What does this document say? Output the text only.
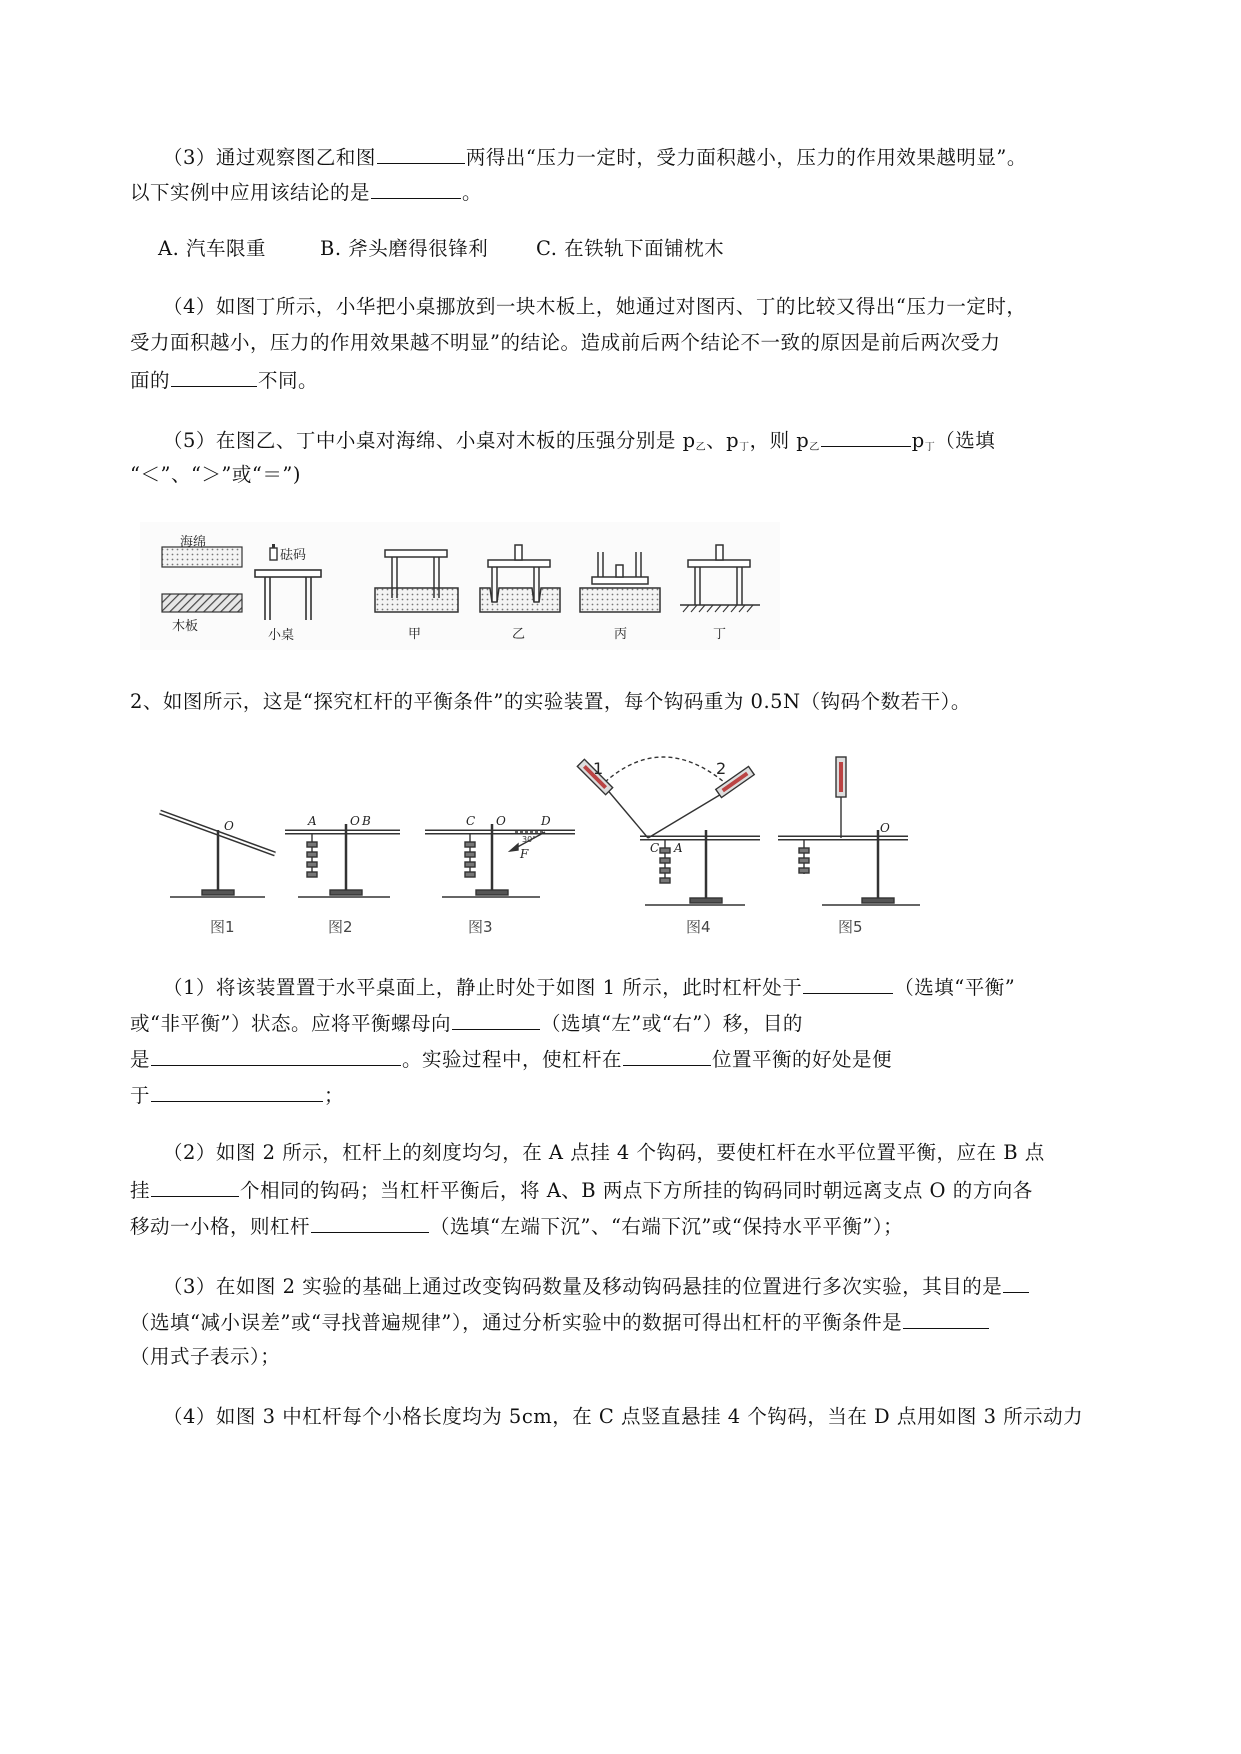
（3）通过观察图乙和图	两得出“压力一定时，受力面积越小，压力的作用效果越明显”。
以下实例中应用该结论的是	。
A. 汽车限重	B. 斧头磨得很锋利 C. 在铁轨下面铺枕木
（4）如图丁所示，小华把小桌挪放到一块木板上，她通过对图丙、丁的比较又得出“压力一定时，
受力面积越小，压力的作用效果越不明显”的结论。造成前后两个结论不一致的原因是前后两次受力
面的	不同。
（5）在图乙、丁中小桌对海绵、小桌对木板的压强分别是 $p_乙$、$p_丁$，则 $p_乙$	$p_丁$（选填
“＜”、“＞”或“＝”)
海绵
木板
砝码
小桌	甲	乙	丙	丁
2、如图所示，这是“探究杠杆的平衡条件”的实验装置，每个钩码重为 0.5N（钩码个数若干）。
O	A	O B	C O	D
F
30°
C A
1	2
O
图1	图2	图3	图4	图5
（1）将该装置置于水平桌面上，静止时处于如图 1 所示，此时杠杆处于	（选填“平衡”
或“非平衡”）状态。应将平衡螺母向	（选填“左”或“右”）移，目的
是	。实验过程中，使杠杆在	位置平衡的好处是便
于	；
（2）如图 2 所示，杠杆上的刻度均匀，在 A 点挂 4 个钩码，要使杠杆在水平位置平衡，应在 B 点
挂	个相同的钩码；当杠杆平衡后，将 A、B 两点下方所挂的钩码同时朝远离支点 O 的方向各
移动一小格，则杠杆	（选填“左端下沉”、“右端下沉”或“保持水平平衡”）；
（3）在如图 2 实验的基础上通过改变钩码数量及移动钩码悬挂的位置进行多次实验，其目的是
（选填“减小误差”或“寻找普遍规律”），通过分析实验中的数据可得出杠杆的平衡条件是
（用式子表示）；
（4）如图 3 中杠杆每个小格长度均为 5cm，在 C 点竖直悬挂 4 个钩码，当在 D 点用如图 3 所示动力
